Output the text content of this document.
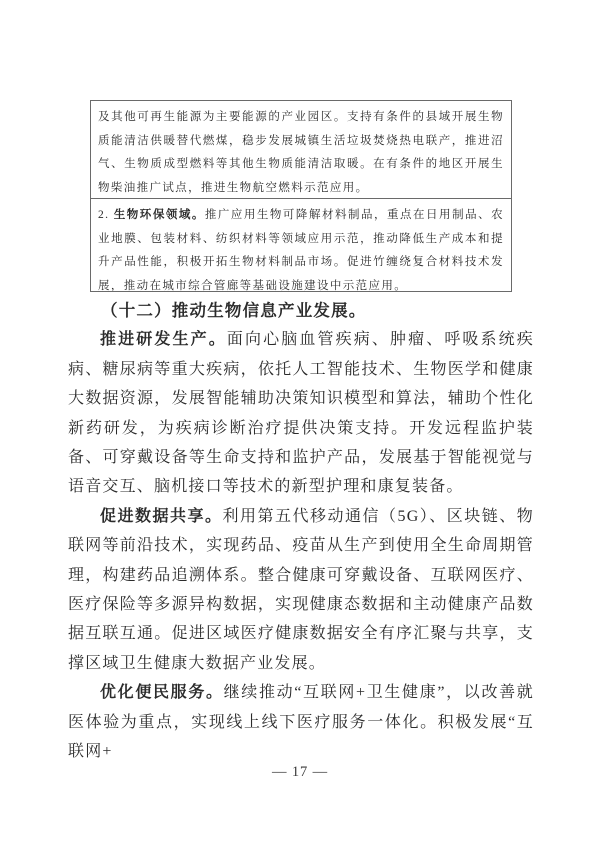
及其他可再生能源为主要能源的产业园区。支持有条件的县域开展生物质能清洁供暖替代燃煤，稳步发展城镇生活垃圾焚烧热电联产，推进沼气、生物质成型燃料等其他生物质能清洁取暖。在有条件的地区开展生物柴油推广试点，推进生物航空燃料示范应用。
2. 生物环保领域。推广应用生物可降解材料制品，重点在日用制品、农业地膜、包装材料、纺织材料等领域应用示范，推动降低生产成本和提升产品性能，积极开拓生物材料制品市场。促进竹缠绕复合材料技术发展，推动在城市综合管廊等基础设施建设中示范应用。
（十二）推动生物信息产业发展。

推进研发生产。面向心脑血管疾病、肿瘤、呼吸系统疾病、糖尿病等重大疾病，依托人工智能技术、生物医学和健康大数据资源，发展智能辅助决策知识模型和算法，辅助个性化新药研发，为疾病诊断治疗提供决策支持。开发远程监护装备、可穿戴设备等生命支持和监护产品，发展基于智能视觉与语音交互、脑机接口等技术的新型护理和康复装备。

促进数据共享。利用第五代移动通信（5G）、区块链、物联网等前沿技术，实现药品、疫苗从生产到使用全生命周期管理，构建药品追溯体系。整合健康可穿戴设备、互联网医疗、医疗保险等多源异构数据，实现健康态数据和主动健康产品数据互联互通。促进区域医疗健康数据安全有序汇聚与共享，支撑区域卫生健康大数据产业发展。

优化便民服务。继续推动“互联网+卫生健康”，以改善就医体验为重点，实现线上线下医疗服务一体化。积极发展“互联网+

— 17 —
